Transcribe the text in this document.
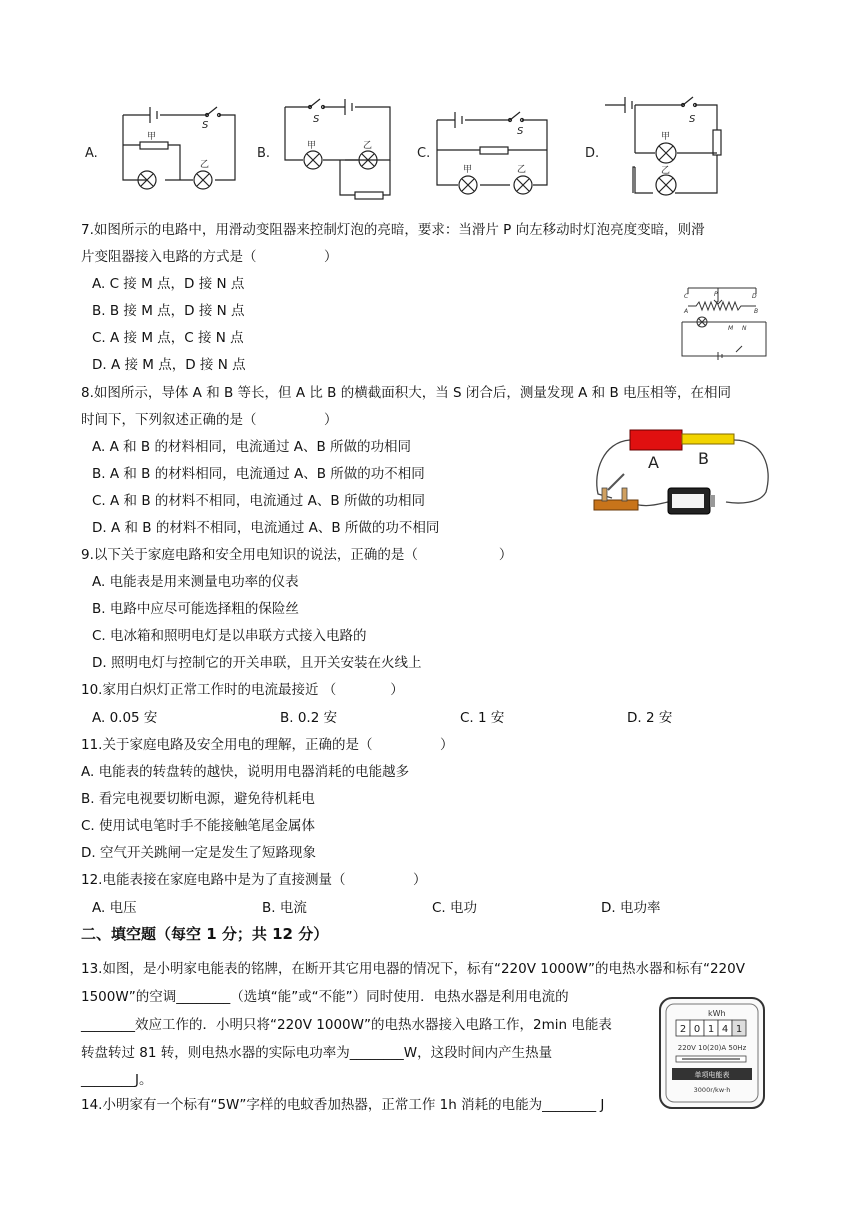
A.	B.	C.	D.
S
S
S
S
甲
乙
甲	乙
甲	乙
甲
乙
7.如图所示的电路中，用滑动变阻器来控制灯泡的亮暗，要求：当滑片 P 向左移动时灯泡亮度变暗，则滑
片变阻器接入电路的方式是（　　　　　）
A. C 接 M 点，D 接 N 点
B. B 接 M 点，D 接 N 点
C. A 接 M 点，C 接 N 点
D. A 接 M 点，D 接 N 点
C	D
P
A	B
M N
8.如图所示，导体 A 和 B 等长，但 A 比 B 的横截面积大，当 S 闭合后，测量发现 A 和 B 电压相等，在相同
时间下，下列叙述正确的是（　　　　　）
A. A 和 B 的材料相同，电流通过 A、B 所做的功相同
B. A 和 B 的材料相同，电流通过 A、B 所做的功不相同
C. A 和 B 的材料不相同，电流通过 A、B 所做的功相同
D. A 和 B 的材料不相同，电流通过 A、B 所做的功不相同
A B
9.以下关于家庭电路和安全用电知识的说法，正确的是（　　　　　　）
A. 电能表是用来测量电功率的仪表
B. 电路中应尽可能选择粗的保险丝
C. 电冰箱和照明电灯是以串联方式接入电路的
D. 照明电灯与控制它的开关串联，且开关安装在火线上
10.家用白炽灯正常工作时的电流最接近 （　　　　）
A. 0.05 安	B. 0.2 安	C. 1 安	D. 2 安
11.关于家庭电路及安全用电的理解，正确的是（　　　　　）
A. 电能表的转盘转的越快，说明用电器消耗的电能越多
B. 看完电视要切断电源，避免待机耗电
C. 使用试电笔时手不能接触笔尾金属体
D. 空气开关跳闸一定是发生了短路现象
12.电能表接在家庭电路中是为了直接测量（　　　　　）
A. 电压	B. 电流	C. 电功	D. 电功率
二、填空题（每空 1 分；共 12 分）
13.如图，是小明家电能表的铭牌，在断开其它用电器的情况下，标有“220V 1000W”的电热水器和标有“220V
1500W”的空调________（选填“能”或“不能”）同时使用．电热水器是利用电流的
________效应工作的．小明只将“220V 1000W”的电热水器接入电路工作，2min 电能表
转盘转过 81 转，则电热水器的实际电功率为________W，这段时间内产生热量
________J。
kWh
2 0 1 4 1
220V 10(20)A 50Hz
单项电能表
3000r/kw·h
14.小明家有一个标有“5W”字样的电蚊香加热器，正常工作 1h 消耗的电能为________ J
